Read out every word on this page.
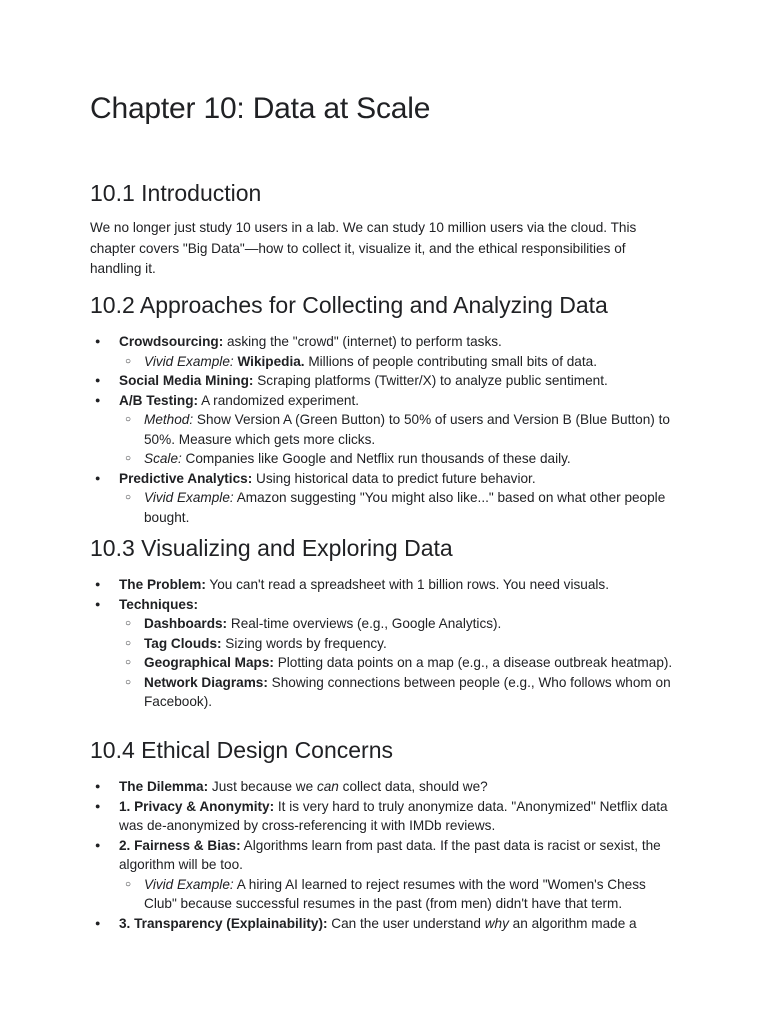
Chapter 10: Data at Scale
10.1 Introduction

We no longer just study 10 users in a lab. We can study 10 million users via the cloud. This chapter covers "Big Data"—how to collect it, visualize it, and the ethical responsibilities of handling it.

10.2 Approaches for Collecting and Analyzing Data
● Crowdsourcing: asking the "crowd" (internet) to perform tasks.
○ Vivid Example: Wikipedia. Millions of people contributing small bits of data.
● Social Media Mining: Scraping platforms (Twitter/X) to analyze public sentiment.
● A/B Testing: A randomized experiment.
○ Method: Show Version A (Green Button) to 50% of users and Version B (Blue Button) to 50%. Measure which gets more clicks.
○ Scale: Companies like Google and Netflix run thousands of these daily.
● Predictive Analytics: Using historical data to predict future behavior.
○ Vivid Example: Amazon suggesting "You might also like..." based on what other people bought.
10.3 Visualizing and Exploring Data
● The Problem: You can't read a spreadsheet with 1 billion rows. You need visuals.
● Techniques:
○ Dashboards: Real-time overviews (e.g., Google Analytics).
○ Tag Clouds: Sizing words by frequency.
○ Geographical Maps: Plotting data points on a map (e.g., a disease outbreak heatmap).
○ Network Diagrams: Showing connections between people (e.g., Who follows whom on Facebook).
10.4 Ethical Design Concerns
● The Dilemma: Just because we can collect data, should we?
● 1. Privacy & Anonymity: It is very hard to truly anonymize data. "Anonymized" Netflix data was de-anonymized by cross-referencing it with IMDb reviews.
● 2. Fairness & Bias: Algorithms learn from past data. If the past data is racist or sexist, the algorithm will be too.
○ Vivid Example: A hiring AI learned to reject resumes with the word "Women's Chess Club" because successful resumes in the past (from men) didn't have that term.
● 3. Transparency (Explainability): Can the user understand why an algorithm made a
